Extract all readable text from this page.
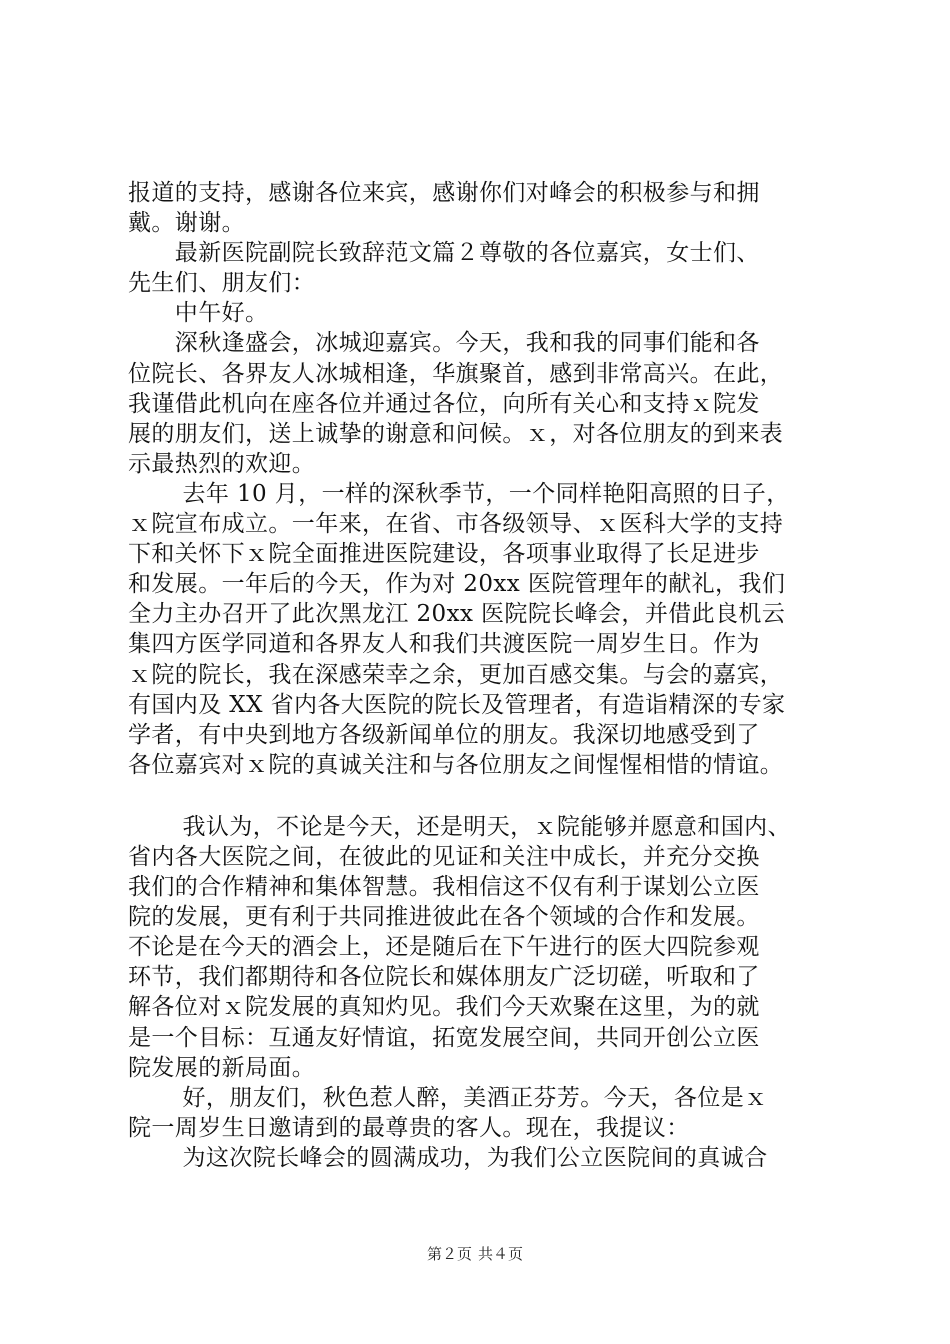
报道的支持，感谢各位来宾，感谢你们对峰会的积极参与和拥
戴。谢谢。
　　最新医院副院长致辞范文篇２尊敬的各位嘉宾，女士们、
先生们、朋友们：
　　中午好。
　　深秋逢盛会，冰城迎嘉宾。今天，我和我的同事们能和各
位院长、各界友人冰城相逢，华旗聚首，感到非常高兴。在此，
我谨借此机向在座各位并通过各位，向所有关心和支持ｘ院发
展的朋友们，送上诚挚的谢意和问候。ｘ，对各位朋友的到来表
示最热烈的欢迎。
　　 去年 10 月，一样的深秋季节，一个同样艳阳高照的日子，
ｘ院宣布成立。一年来，在省、市各级领导、ｘ医科大学的支持
下和关怀下ｘ院全面推进医院建设，各项事业取得了长足进步
和发展。一年后的今天，作为对 20xx 医院管理年的献礼，我们
全力主办召开了此次黑龙江 20xx 医院院长峰会，并借此良机云
集四方医学同道和各界友人和我们共渡医院一周岁生日。作为
ｘ院的院长，我在深感荣幸之余，更加百感交集。与会的嘉宾，
有国内及 XX 省内各大医院的院长及管理者，有造诣精深的专家
学者，有中央到地方各级新闻单位的朋友。我深切地感受到了
各位嘉宾对ｘ院的真诚关注和与各位朋友之间惺惺相惜的情谊。
　　 我认为，不论是今天，还是明天，ｘ院能够并愿意和国内、
省内各大医院之间，在彼此的见证和关注中成长，并充分交换
我们的合作精神和集体智慧。我相信这不仅有利于谋划公立医
院的发展，更有利于共同推进彼此在各个领域的合作和发展。
不论是在今天的酒会上，还是随后在下午进行的医大四院参观
环节，我们都期待和各位院长和媒体朋友广泛切磋，听取和了
解各位对ｘ院发展的真知灼见。我们今天欢聚在这里，为的就
是一个目标：互通友好情谊，拓宽发展空间，共同开创公立医
院发展的新局面。
　　 好，朋友们，秋色惹人醉，美酒正芬芳。今天，各位是ｘ
院一周岁生日邀请到的最尊贵的客人。现在，我提议：
　　 为这次院长峰会的圆满成功，为我们公立医院间的真诚合
第２页 共４页
